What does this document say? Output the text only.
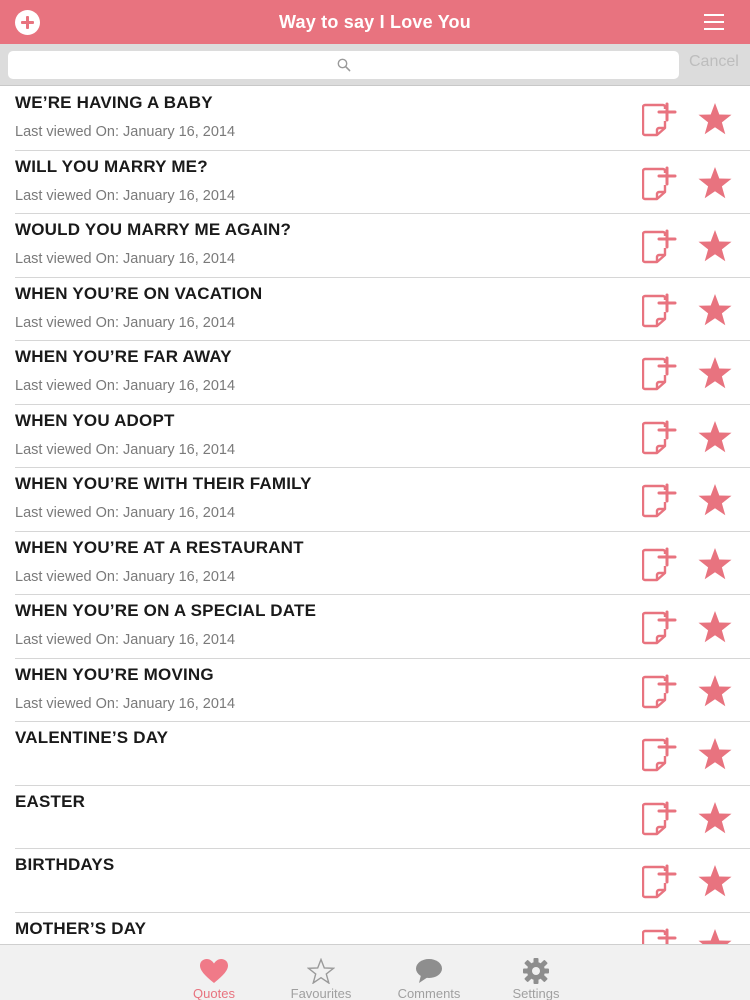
Way to say I Love You
Cancel
WE’RE HAVING A BABY
Last viewed On: January 16, 2014
WILL YOU MARRY ME?
Last viewed On: January 16, 2014
WOULD YOU MARRY ME AGAIN?
Last viewed On: January 16, 2014
WHEN YOU’RE ON VACATION
Last viewed On: January 16, 2014
WHEN YOU’RE FAR AWAY
Last viewed On: January 16, 2014
WHEN YOU ADOPT
Last viewed On: January 16, 2014
WHEN YOU’RE WITH THEIR FAMILY
Last viewed On: January 16, 2014
WHEN YOU’RE AT A RESTAURANT
Last viewed On: January 16, 2014
WHEN YOU’RE ON A SPECIAL DATE
Last viewed On: January 16, 2014
WHEN YOU’RE MOVING
Last viewed On: January 16, 2014
VALENTINE’S DAY
EASTER
BIRTHDAYS
MOTHER’S DAY
Quotes	Favourites	Comments	Settings
